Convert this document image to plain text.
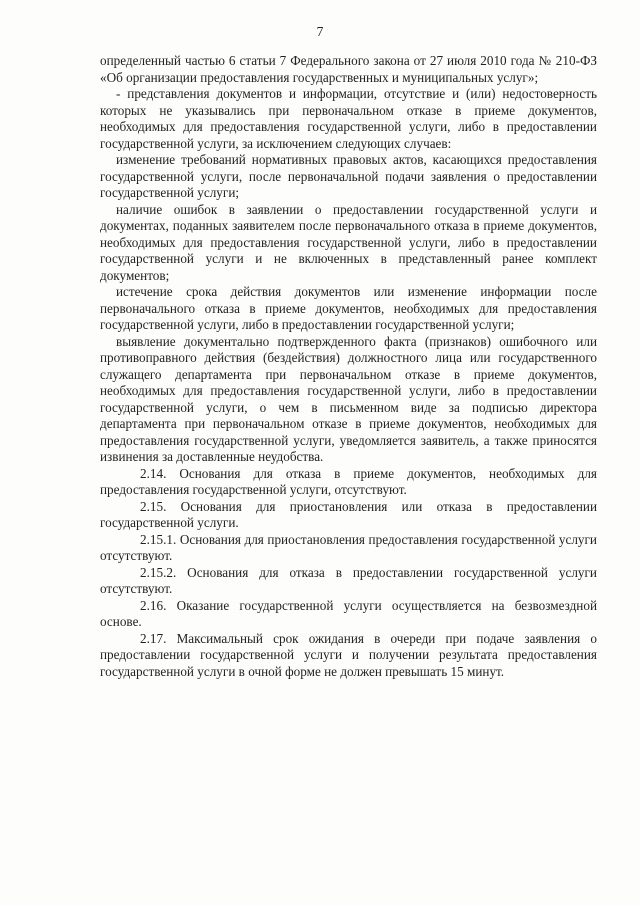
7

определенный частью 6 статьи 7 Федерального закона от 27 июля 2010 года № 210-ФЗ «Об организации предоставления государственных и муниципальных услуг»;

- представления документов и информации, отсутствие и (или) недостоверность которых не указывались при первоначальном отказе в приеме документов, необходимых для предоставления государственной услуги, либо в предоставлении государственной услуги, за исключением следующих случаев:

изменение требований нормативных правовых актов, касающихся предоставления государственной услуги, после первоначальной подачи заявления о предоставлении государственной услуги;

наличие ошибок в заявлении о предоставлении государственной услуги и документах, поданных заявителем после первоначального отказа в приеме документов, необходимых для предоставления государственной услуги, либо в предоставлении государственной услуги и не включенных в представленный ранее комплект документов;

истечение срока действия документов или изменение информации после первоначального отказа в приеме документов, необходимых для предоставления государственной услуги, либо в предоставлении государственной услуги;

выявление документально подтвержденного факта (признаков) ошибочного или противоправного действия (бездействия) должностного лица или государственного служащего департамента при первоначальном отказе в приеме документов, необходимых для предоставления государственной услуги, либо в предоставлении государственной услуги, о чем в письменном виде за подписью директора департамента при первоначальном отказе в приеме документов, необходимых для предоставления государственной услуги, уведомляется заявитель, а также приносятся извинения за доставленные неудобства.

2.14. Основания для отказа в приеме документов, необходимых для предоставления государственной услуги, отсутствуют.

2.15. Основания для приостановления или отказа в предоставлении государственной услуги.

2.15.1. Основания для приостановления предоставления государственной услуги отсутствуют.

2.15.2. Основания для отказа в предоставлении государственной услуги отсутствуют.

2.16. Оказание государственной услуги осуществляется на безвозмездной основе.

2.17. Максимальный срок ожидания в очереди при подаче заявления о предоставлении государственной услуги и получении результата предоставления государственной услуги в очной форме не должен превышать 15 минут.
